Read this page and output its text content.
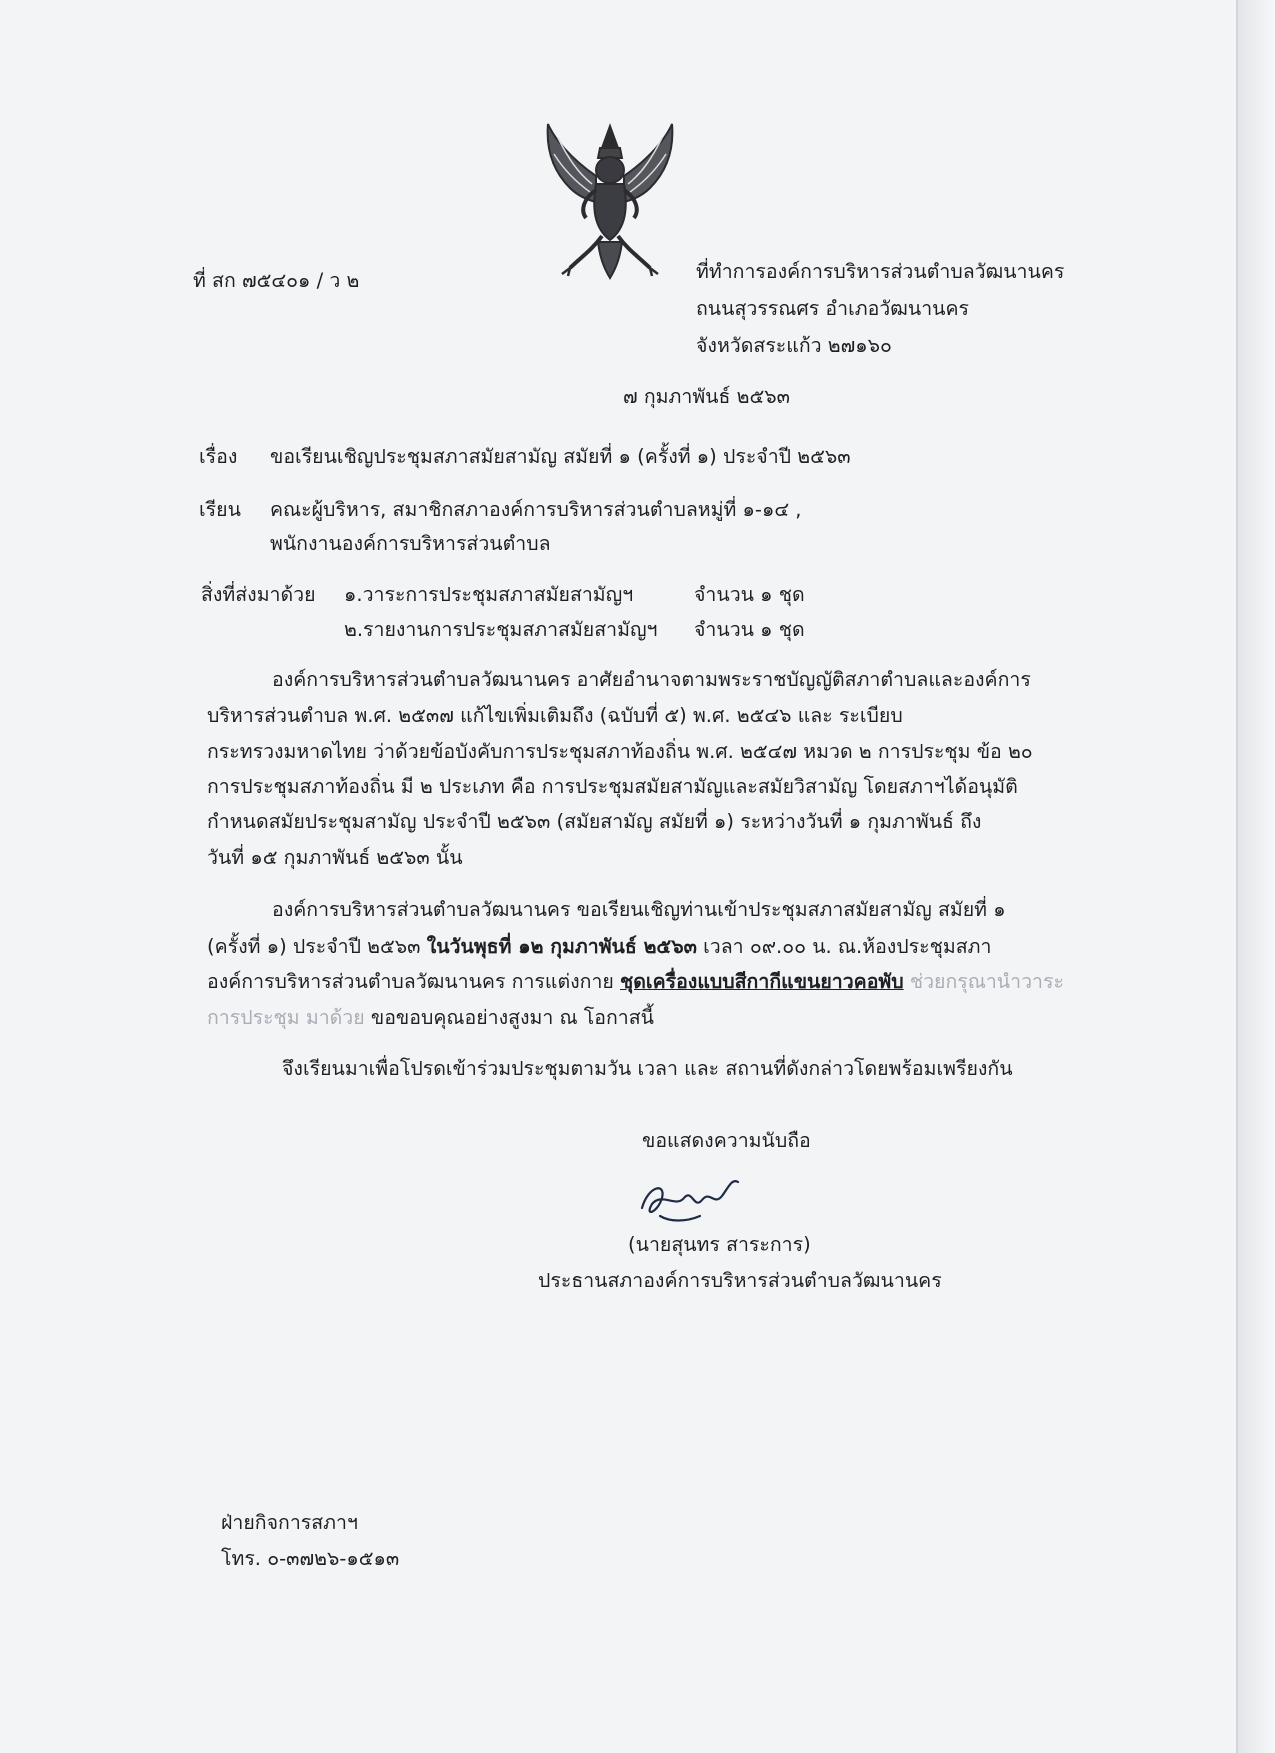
ที่ สก ๗๕๔๐๑ / ว ๒	ที่ทำการองค์การบริหารส่วนตำบลวัฒนานคร
ถนนสุวรรณศร อำเภอวัฒนานคร
จังหวัดสระแก้ว ๒๗๑๖๐
๗ กุมภาพันธ์ ๒๕๖๓
เรื่อง ขอเรียนเชิญประชุมสภาสมัยสามัญ สมัยที่ ๑ (ครั้งที่ ๑) ประจำปี ๒๕๖๓
เรียน คณะผู้บริหาร, สมาชิกสภาองค์การบริหารส่วนตำบลหมู่ที่ ๑-๑๔ ,
พนักงานองค์การบริหารส่วนตำบล
สิ่งที่ส่งมาด้วย ๑.วาระการประชุมสภาสมัยสามัญฯ	จำนวน ๑ ชุด
๒.รายงานการประชุมสภาสมัยสามัญฯ จำนวน ๑ ชุด
องค์การบริหารส่วนตำบลวัฒนานคร อาศัยอำนาจตามพระราชบัญญัติสภาตำบลและองค์การ
บริหารส่วนตำบล พ.ศ. ๒๕๓๗ แก้ไขเพิ่มเติมถึง (ฉบับที่ ๕) พ.ศ. ๒๕๔๖ และ ระเบียบ
กระทรวงมหาดไทย ว่าด้วยข้อบังคับการประชุมสภาท้องถิ่น พ.ศ. ๒๕๔๗ หมวด ๒ การประชุม ข้อ ๒๐
การประชุมสภาท้องถิ่น มี ๒ ประเภท คือ การประชุมสมัยสามัญและสมัยวิสามัญ โดยสภาฯได้อนุมัติ
กำหนดสมัยประชุมสามัญ ประจำปี ๒๕๖๓ (สมัยสามัญ สมัยที่ ๑) ระหว่างวันที่ ๑ กุมภาพันธ์ ถึง
วันที่ ๑๕ กุมภาพันธ์ ๒๕๖๓ นั้น
องค์การบริหารส่วนตำบลวัฒนานคร ขอเรียนเชิญท่านเข้าประชุมสภาสมัยสามัญ สมัยที่ ๑
(ครั้งที่ ๑) ประจำปี ๒๕๖๓ ในวันพุธที่ ๑๒ กุมภาพันธ์ ๒๕๖๓ เวลา ๐๙.๐๐ น. ณ.ห้องประชุมสภา
องค์การบริหารส่วนตำบลวัฒนานคร การแต่งกาย ชุดเครื่องแบบสีกากีแขนยาวคอพับ ช่วยกรุณานำวาระ
การประชุม มาด้วย ขอขอบคุณอย่างสูงมา ณ โอกาสนี้
จึงเรียนมาเพื่อโปรดเข้าร่วมประชุมตามวัน เวลา และ สถานที่ดังกล่าวโดยพร้อมเพรียงกัน
ขอแสดงความนับถือ
(นายสุนทร สาระการ)
ประธานสภาองค์การบริหารส่วนตำบลวัฒนานคร
ฝ่ายกิจการสภาฯ
โทร. ๐-๓๗๒๖-๑๕๑๓
